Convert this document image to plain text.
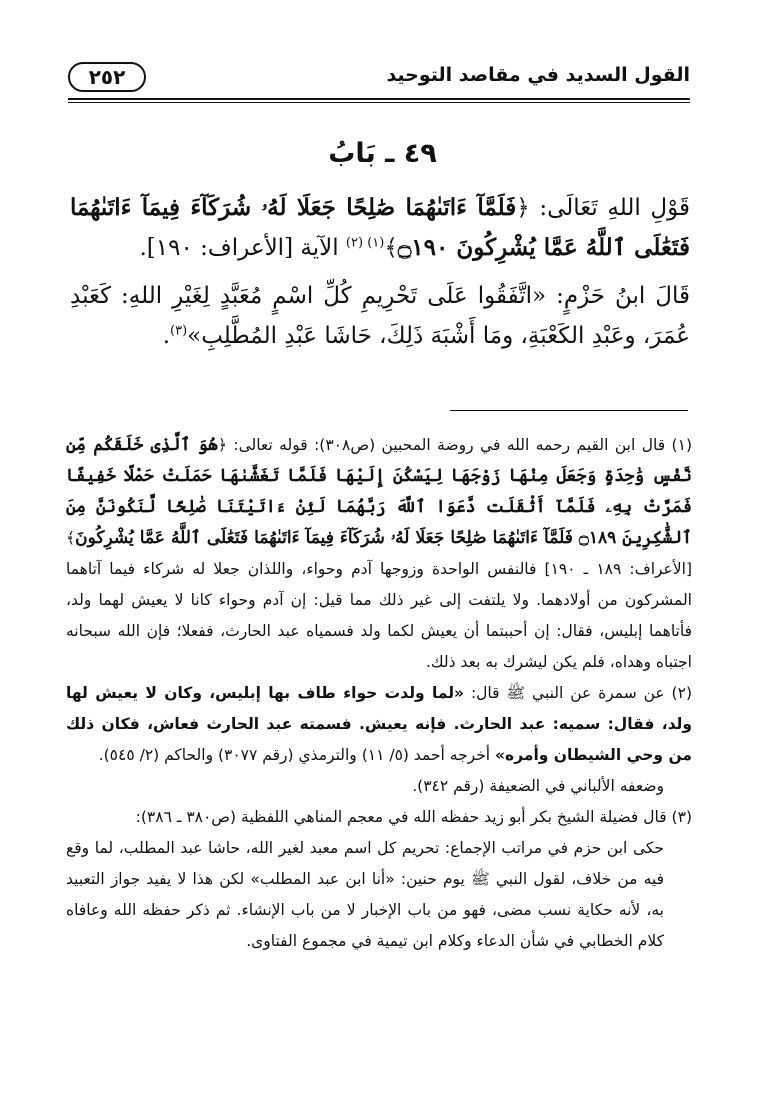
٢٥٢	القول السديد في مقاصد التوحيد
٤٩ ـ بَابُ

قَوْلِ اللهِ تَعَالَى: ﴿فَلَمَّآ ءَاتَىٰهُمَا صَٰلِحًا جَعَلَا لَهُۥ شُرَكَآءَ فِيمَآ ءَاتَىٰهُمَا فَتَعَٰلَى ٱللَّهُ عَمَّا يُشْرِكُونَ ۝١٩٠﴾$^{(١) (٢)}$ الآية [الأعراف: ١٩٠].

قَالَ ابنُ حَزْمٍ: «اتَّفَقُوا عَلَى تَحْرِيمِ كُلِّ اسْمٍ مُعَبَّدٍ لِغَيْرِ اللهِ: كَعَبْدِ عُمَرَ، وعَبْدِ الكَعْبَةِ، ومَا أَشْبَهَ ذَلِكَ، حَاشَا عَبْدِ المُطَّلِبِ»$^{(٣)}$.

(١) قال ابن القيم رحمه الله في روضة المحبين (ص٣٠٨): قوله تعالى: ﴿هُوَ ٱلَّذِى خَلَقَكُم مِّن نَّفْسٍ وَٰحِدَةٍ وَجَعَلَ مِنْهَا زَوْجَهَا لِيَسْكُنَ إِلَيْهَا فَلَمَّا تَغَشَّىٰهَا حَمَلَتْ حَمْلًا خَفِيفًا فَمَرَّتْ بِهِۦ فَلَمَّآ أَثْقَلَت دَّعَوَا ٱللَّهَ رَبَّهُمَا لَئِنْ ءَاتَيْتَنَا صَٰلِحًا لَّنَكُونَنَّ مِنَ ٱلشَّٰكِرِينَ ۝١٨٩ فَلَمَّآ ءَاتَىٰهُمَا صَٰلِحًا جَعَلَا لَهُۥ شُرَكَآءَ فِيمَآ ءَاتَىٰهُمَا فَتَعَٰلَى ٱللَّهُ عَمَّا يُشْرِكُونَ﴾ [الأعراف: ١٨٩ ـ ١٩٠] فالنفس الواحدة وزوجها آدم وحواء، واللذان جعلا له شركاء فيما آتاهما المشركون من أولادهما. ولا يلتفت إلى غير ذلك مما قيل: إن آدم وحواء كانا لا يعيش لهما ولد، فأتاهما إبليس، فقال: إن أحببتما أن يعيش لكما ولد فسمياه عبد الحارث، ففعلا؛ فإن الله سبحانه اجتباه وهداه، فلم يكن ليشرك به بعد ذلك.

(٢) عن سمرة عن النبي ﷺ قال: «لما ولدت حواء طاف بها إبليس، وكان لا يعيش لها ولد، فقال: سميه: عبد الحارث. فإنه يعيش. فسمته عبد الحارث فعاش، فكان ذلك من وحي الشيطان وأمره» أخرجه أحمد (٥/ ١١) والترمذي (رقم ٣٠٧٧) والحاكم (٢/ ٥٤٥).

وضعفه الألباني في الضعيفة (رقم ٣٤٢).

(٣) قال فضيلة الشيخ بكر أبو زيد حفظه الله في معجم المناهي اللفظية (ص٣٨٠ ـ ٣٨٦):

حكى ابن حزم في مراتب الإجماع: تحريم كل اسم معبد لغير الله، حاشا عبد المطلب، لما وقع فيه من خلاف، لقول النبي ﷺ يوم حنين: «أنا ابن عبد المطلب» لكن هذا لا يفيد جواز التعبيد به، لأنه حكاية نسب مضى، فهو من باب الإخبار لا من باب الإنشاء. ثم ذكر حفظه الله وعافاه كلام الخطابي في شأن الدعاء وكلام ابن تيمية في مجموع الفتاوى.
